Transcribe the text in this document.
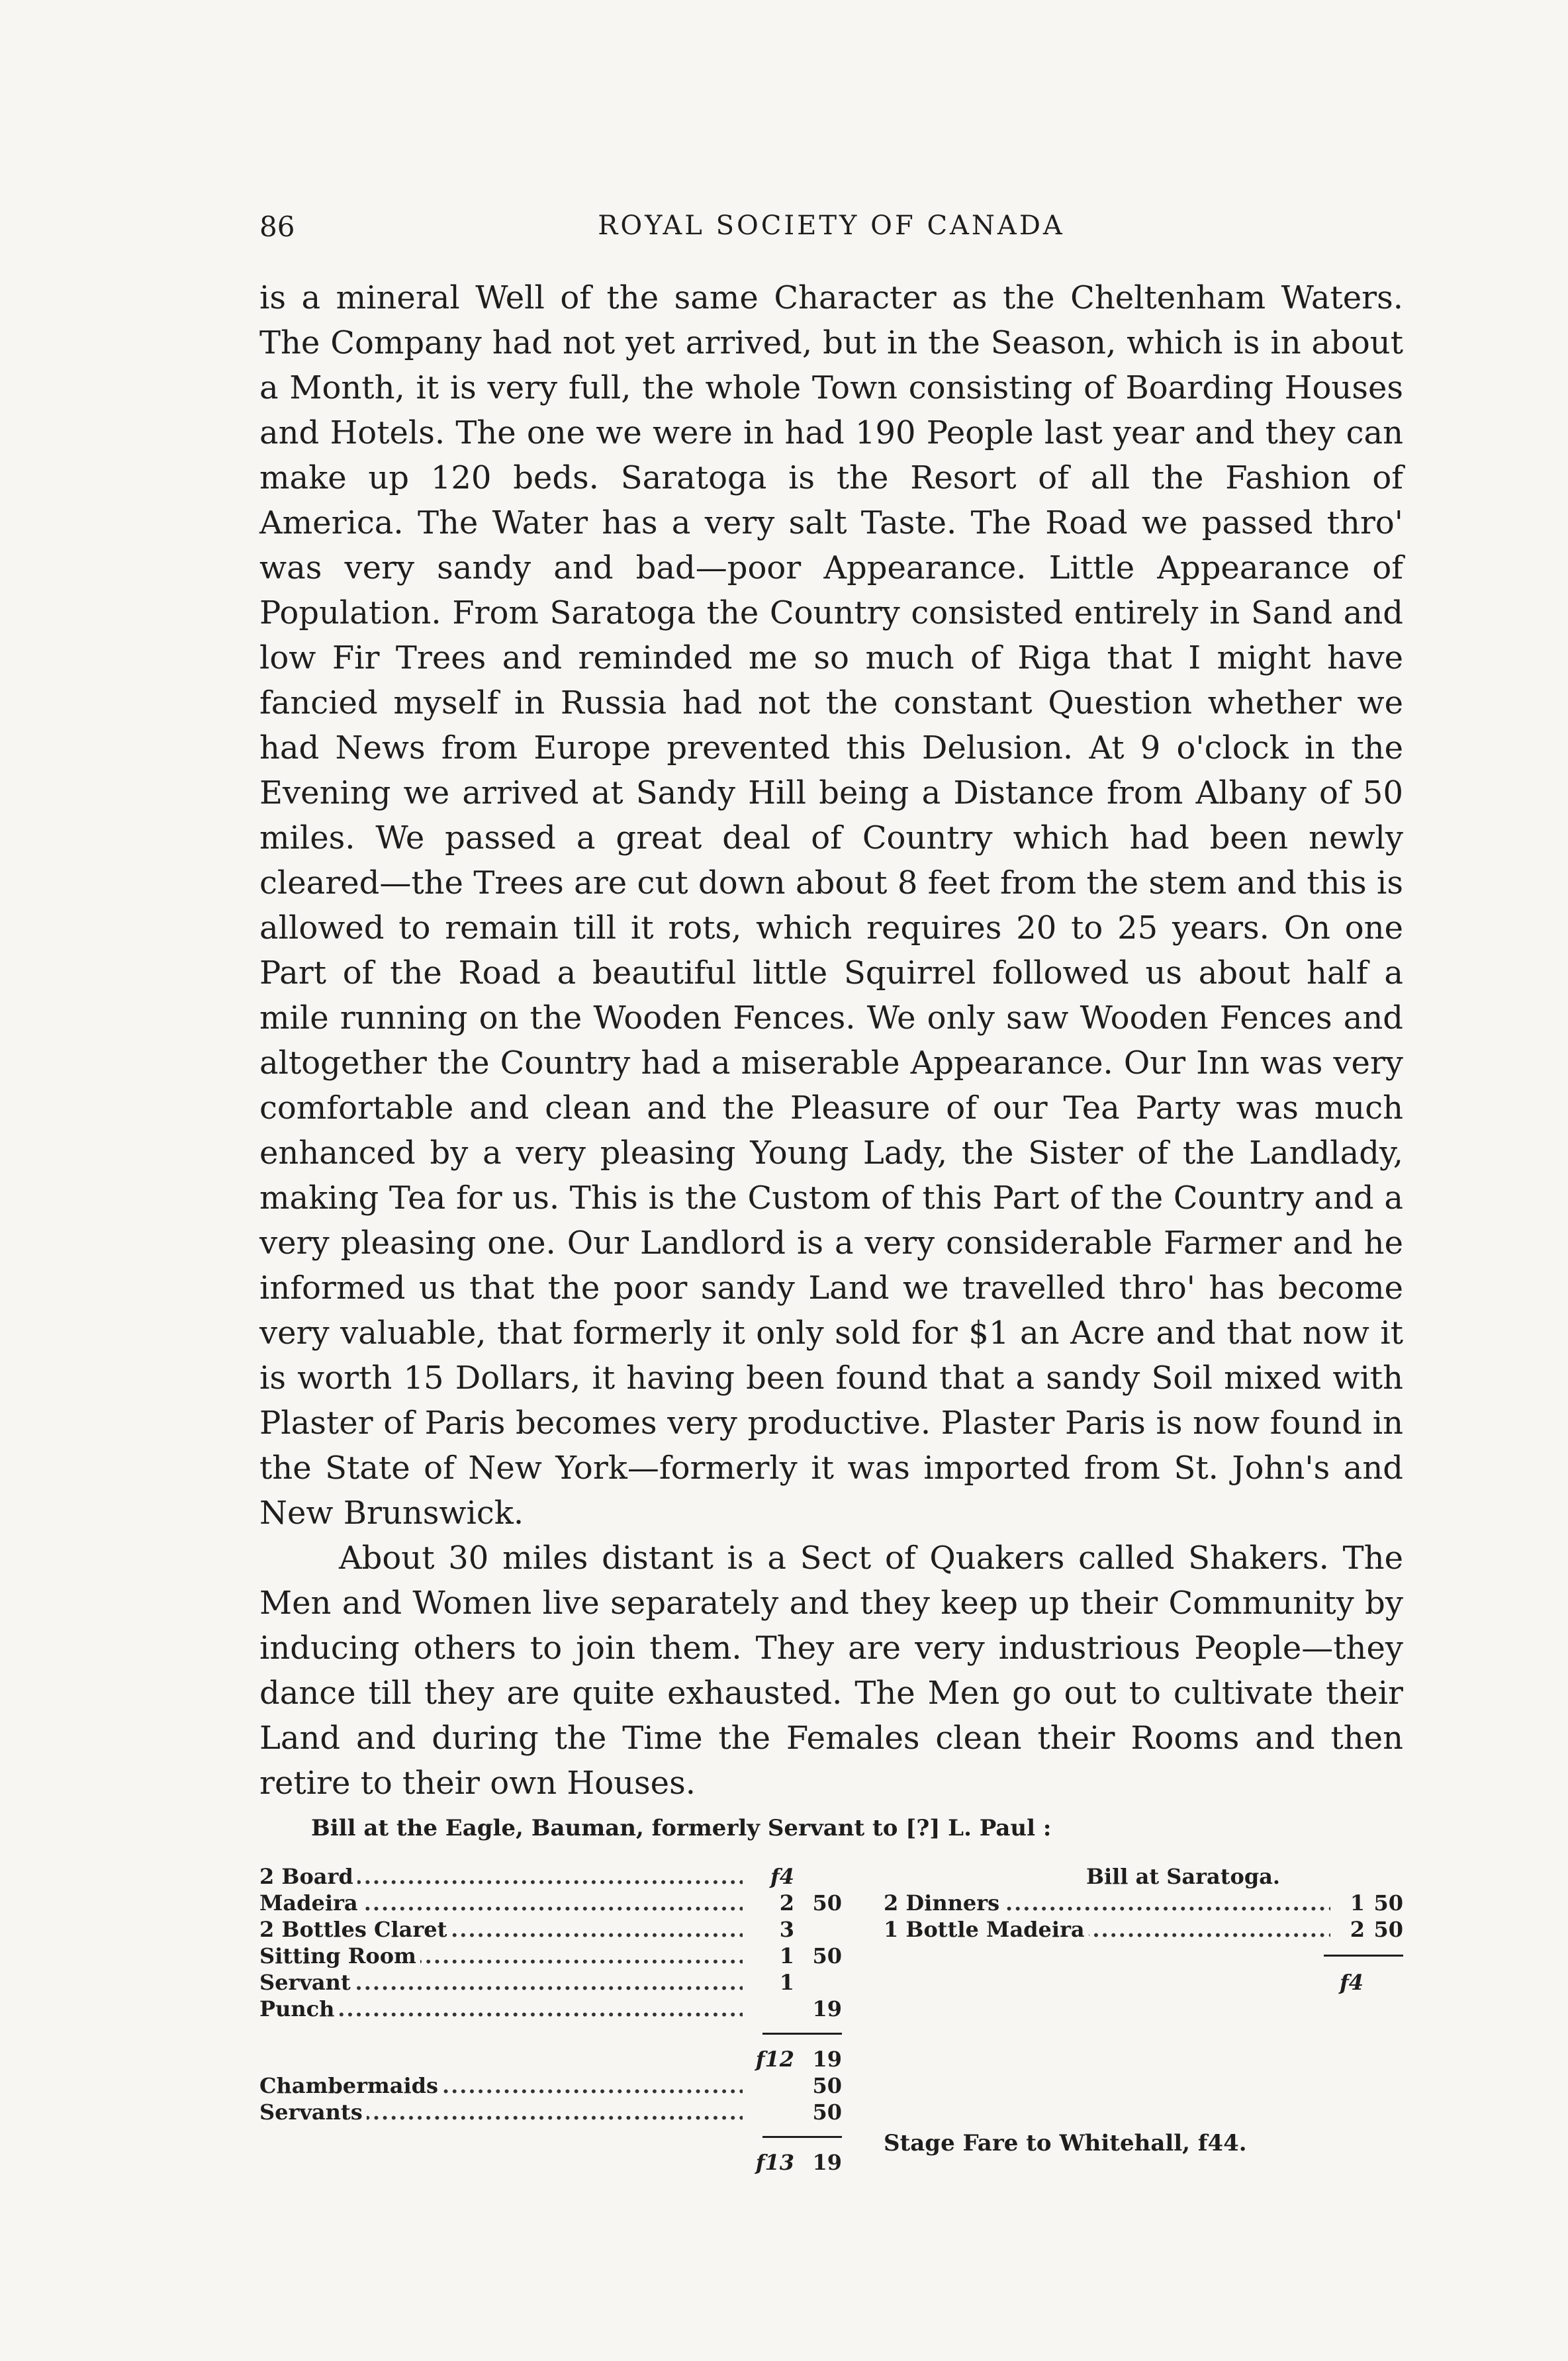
86	ROYAL SOCIETY OF CANADA

is a mineral Well of the same Character as the Cheltenham Waters. The Company had not yet arrived, but in the Season, which is in about a Month, it is very full, the whole Town consisting of Boarding Houses and Hotels. The one we were in had 190 People last year and they can make up 120 beds. Saratoga is the Resort of all the Fashion of America. The Water has a very salt Taste. The Road we passed thro' was very sandy and bad—poor Appearance. Little Appearance of Population. From Saratoga the Country consisted entirely in Sand and low Fir Trees and reminded me so much of Riga that I might have fancied myself in Russia had not the constant Question whether we had News from Europe prevented this Delusion. At 9 o'clock in the Evening we arrived at Sandy Hill being a Distance from Albany of 50 miles. We passed a great deal of Country which had been newly cleared—the Trees are cut down about 8 feet from the stem and this is allowed to remain till it rots, which requires 20 to 25 years. On one Part of the Road a beautiful little Squirrel followed us about half a mile running on the Wooden Fences. We only saw Wooden Fences and altogether the Country had a miserable Appearance. Our Inn was very comfortable and clean and the Pleasure of our Tea Party was much enhanced by a very pleasing Young Lady, the Sister of the Landlady, making Tea for us. This is the Custom of this Part of the Country and a very pleasing one. Our Landlord is a very considerable Farmer and he informed us that the poor sandy Land we travelled thro' has become very valuable, that formerly it only sold for $1 an Acre and that now it is worth 15 Dollars, it having been found that a sandy Soil mixed with Plaster of Paris becomes very productive. Plaster Paris is now found in the State of New York—formerly it was imported from St. John's and New Brunswick.

About 30 miles distant is a Sect of Quakers called Shakers. The Men and Women live separately and they keep up their Community by inducing others to join them. They are very industrious People—they dance till they are quite exhausted. The Men go out to cultivate their Land and during the Time the Females clean their Rooms and then retire to their own Houses.

Bill at the Eagle, Bauman, formerly Servant to [?] L. Paul :
2 Board .....	f4
Madeira .....	2 50
2 Bottles Claret .....	3
Sitting Room .....	1 50
Servant .....	1
Punch .....	19
f12 19
Chambermaids .....	50
Servants .....	50
f13 19
Bill at Saratoga.
2 Dinners .....	1 50
1 Bottle Madeira .....	2 50
f4
Stage Fare to Whitehall, f44.
